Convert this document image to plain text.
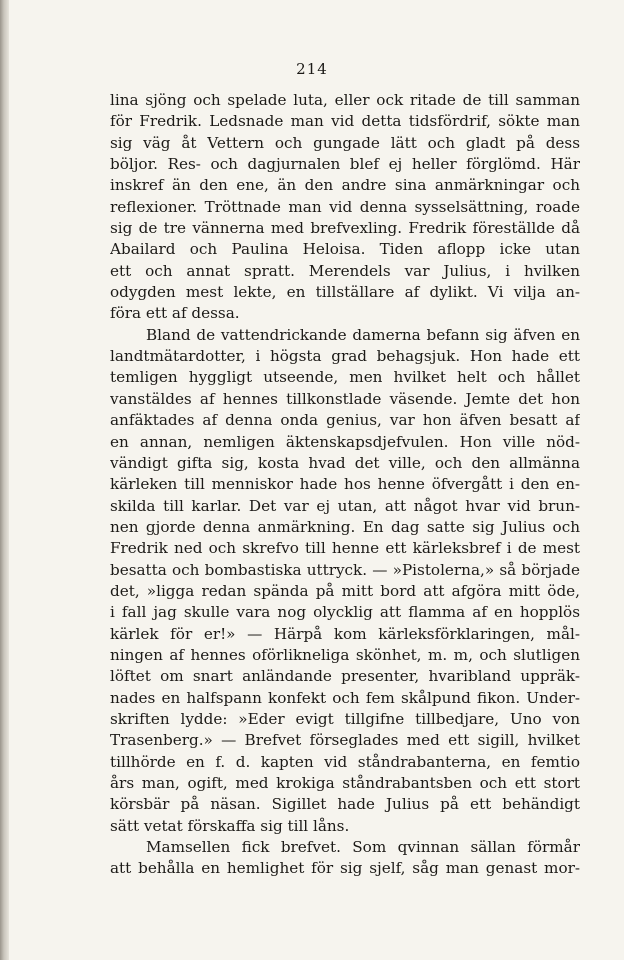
214
lina sjöng och spelade luta, eller ock ritade de till samman
för Fredrik. Ledsnade man vid detta tidsfördrif, sökte man
sig väg åt Vettern och gungade lätt och gladt på dess
böljor. Res- och dagjurnalen blef ej heller förglömd. Här
inskref än den ene, än den andre sina anmärkningar och
reflexioner. Tröttnade man vid denna sysselsättning, roade
sig de tre vännerna med brefvexling. Fredrik föreställde då
Abailard och Paulina Heloisa. Tiden aflopp icke utan
ett och annat spratt. Merendels var Julius, i hvilken
odygden mest lekte, en tillställare af dylikt. Vi vilja an-
föra ett af dessa.
Bland de vattendrickande damerna befann sig äfven en
landtmätardotter, i högsta grad behagsjuk. Hon hade ett
temligen hyggligt utseende, men hvilket helt och hållet
vanstäldes af hennes tillkonstlade väsende. Jemte det hon
anfäktades af denna onda genius, var hon äfven besatt af
en annan, nemligen äktenskapsdjefvulen. Hon ville nöd-
vändigt gifta sig, kosta hvad det ville, och den allmänna
kärleken till menniskor hade hos henne öfvergått i den en-
skilda till karlar. Det var ej utan, att något hvar vid brun-
nen gjorde denna anmärkning. En dag satte sig Julius och
Fredrik ned och skrefvo till henne ett kärleksbref i de mest
besatta och bombastiska uttryck. — »Pistolerna,» så började
det, »ligga redan spända på mitt bord att afgöra mitt öde,
i fall jag skulle vara nog olycklig att flamma af en hopplös
kärlek för er!» — Härpå kom kärleksförklaringen, mål-
ningen af hennes oförlikneliga skönhet, m. m, och slutligen
löftet om snart anländande presenter, hvaribland uppräk-
nades en halfspann konfekt och fem skålpund fikon. Under-
skriften lydde: »Eder evigt tillgifne tillbedjare, Uno von
Trasenberg.» — Brefvet förseglades med ett sigill, hvilket
tillhörde en f. d. kapten vid ståndrabanterna, en femtio
års man, ogift, med krokiga ståndrabantsben och ett stort
körsbär på näsan. Sigillet hade Julius på ett behändigt
sätt vetat förskaffa sig till låns.
Mamsellen fick brefvet. Som qvinnan sällan förmår
att behålla en hemlighet för sig sjelf, såg man genast mor-
